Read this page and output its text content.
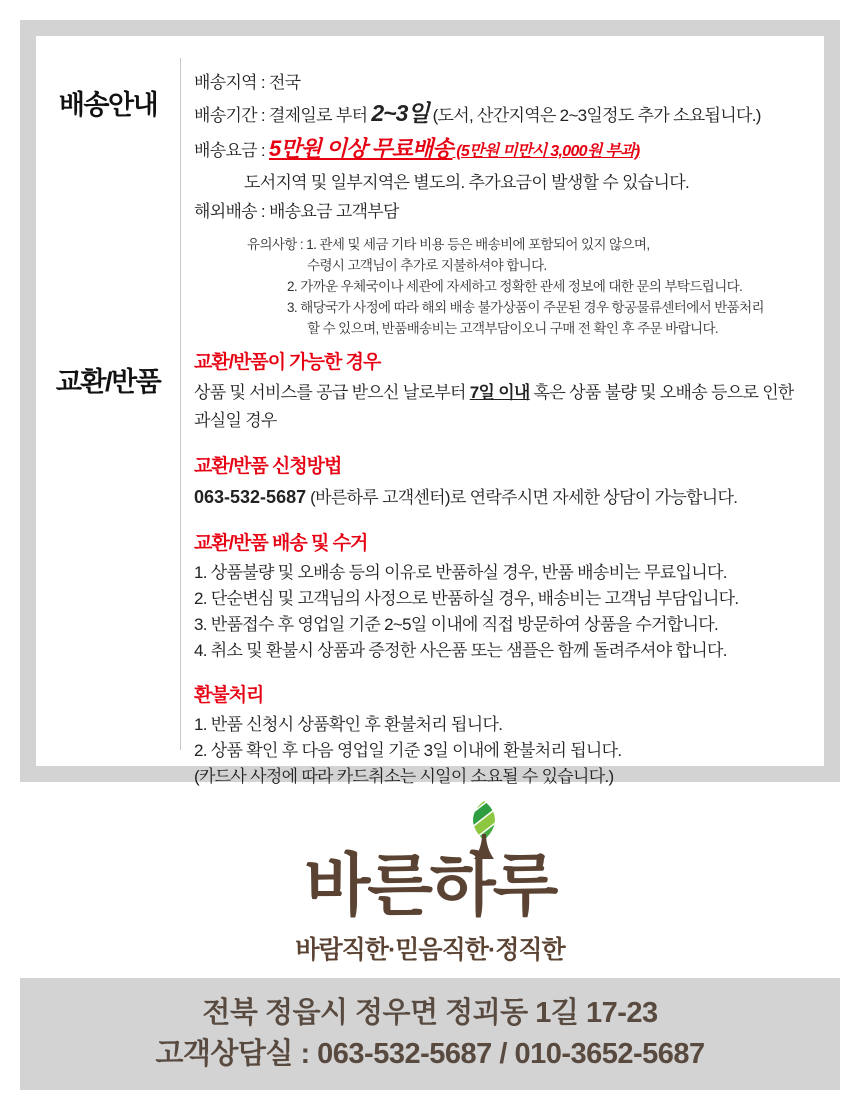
배송안내
배송지역 : 전국
배송기간 : 결제일로 부터 2~3일 (도서, 산간지역은 2~3일정도 추가 소요됩니다.)
배송요금 : 5만원 이상 무료배송 (5만원 미만시 3,000원 부과)
도서지역 및 일부지역은 별도의. 추가요금이 발생할 수 있습니다.
해외배송 : 배송요금 고객부담
유의사항 : 1. 관세 및 세금 기타 비용 등은 배송비에 포함되어 있지 않으며,
수령시 고객님이 추가로 지불하셔야 합니다.
2. 가까운 우체국이나 세관에 자세하고 정확한 관세 정보에 대한 문의 부탁드립니다.
3. 해당국가 사정에 따라 해외 배송 불가상품이 주문된 경우 항공물류센터에서 반품처리
할 수 있으며, 반품배송비는 고객부담이오니 구매 전 확인 후 주문 바랍니다.
교환/반품
교환/반품이 가능한 경우
상품 및 서비스를 공급 받으신 날로부터 7일 이내 혹은 상품 불량 및 오배송 등으로 인한 과실일 경우
교환/반품 신청방법
063-532-5687 (바른하루 고객센터)로 연락주시면 자세한 상담이 가능합니다.
교환/반품 배송 및 수거
1. 상품불량 및 오배송 등의 이유로 반품하실 경우, 반품 배송비는 무료입니다.
2. 단순변심 및 고객님의 사정으로 반품하실 경우, 배송비는 고객님 부담입니다.
3. 반품접수 후 영업일 기준 2~5일 이내에 직접 방문하여 상품을 수거합니다.
4. 취소 및 환불시 상품과 증정한 사은품 또는 샘플은 함께 돌려주셔야 합니다.
환불처리
1. 반품 신청시 상품확인 후 환불처리 됩니다.
2. 상품 확인 후 다음 영업일 기준 3일 이내에 환불처리 됩니다.
(카드사 사정에 따라 카드취소는 시일이 소요될 수 있습니다.)
바른하루
바람직한·믿음직한·정직한
전북 정읍시 정우면 정괴동 1길 17-23
고객상담실 : 063-532-5687 / 010-3652-5687
